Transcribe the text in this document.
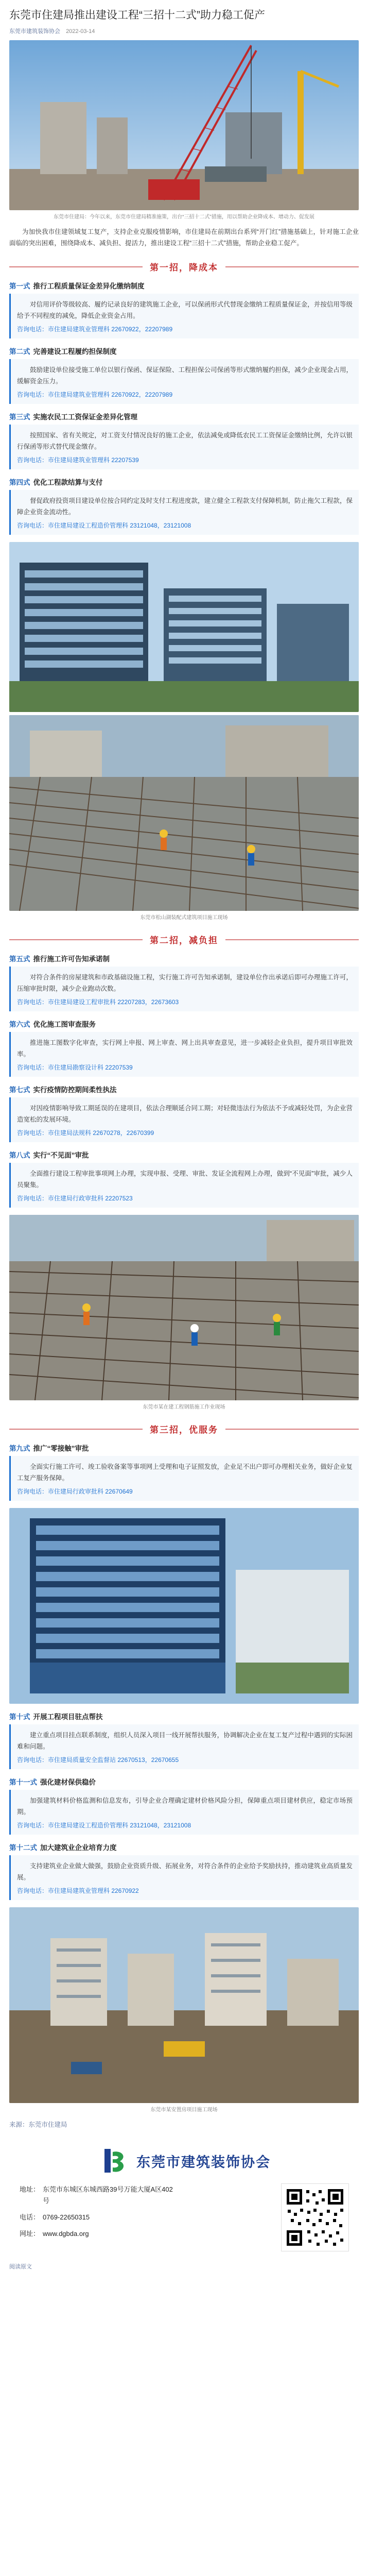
东莞市住建局推出建设工程“三招十二式”助力稳工促产
东莞市建筑装饰协会 2022-03-14
东莞市住建局：今年以来，东莞市住建局精准施策，出台“三招十二式”措施，用以帮助企业降成本、增动力、促发展

为加快我市住建领域复工复产，支持企业克服疫情影响，市住建局在前期出台系列“开门红”措施基础上，针对施工企业面临的突出困难，围绕降成本、减负担、提活力，推出建设工程“三招十二式”措施，帮助企业稳工促产。

第一招，降成本
第一式 推行工程质量保证金差异化缴纳制度

对信用评价等级较高、履约记录良好的建筑施工企业，可以保函形式代替现金缴纳工程质量保证金，并按信用等级给予不同程度的减免，降低企业资金占用。

咨询电话：市住建局建筑业管理科 22670922，22207989
第二式 完善建设工程履约担保制度

鼓励建设单位接受施工单位以银行保函、保证保险、工程担保公司保函等形式缴纳履约担保，减少企业现金占用，缓解资金压力。

咨询电话：市住建局建筑业管理科 22670922，22207989
第三式 实施农民工工资保证金差异化管理

按照国家、省有关规定，对工资支付情况良好的施工企业，依法减免或降低农民工工资保证金缴纳比例，允许以银行保函等形式替代现金缴存。

咨询电话：市住建局建筑业管理科 22207539
第四式 优化工程款结算与支付

督促政府投资项目建设单位按合同约定及时支付工程进度款，建立健全工程款支付保障机制，防止拖欠工程款，保障企业资金流动性。

咨询电话：市住建局建设工程造价管理科 23121048，23121008
东莞市松山湖装配式建筑项目施工现场
第二招，减负担
第五式 推行施工许可告知承诺制

对符合条件的房屋建筑和市政基础设施工程，实行施工许可告知承诺制，建设单位作出承诺后即可办理施工许可，压缩审批时限，减少企业跑动次数。

咨询电话：市住建局建设工程审批科 22207283，22673603
第六式 优化施工图审查服务

推进施工图数字化审查，实行网上申报、网上审查、网上出具审查意见，进一步减轻企业负担，提升项目审批效率。

咨询电话：市住建局勘察设计科 22207539
第七式 实行疫情防控期间柔性执法

对因疫情影响导致工期延误的在建项目，依法合理顺延合同工期；对轻微违法行为依法不予或减轻处罚，为企业营造宽松的发展环境。

咨询电话：市住建局法规科 22670278，22670399
第八式 实行“不见面”审批

全面推行建设工程审批事项网上办理，实现申报、受理、审批、发证全流程网上办理，做到“不见面”审批，减少人员聚集。

咨询电话：市住建局行政审批科 22207523
东莞市某在建工程钢筋施工作业现场
第三招，优服务
第九式 推广“零接触”审批

全面实行施工许可、竣工验收备案等事项网上受理和电子证照发放，企业足不出户即可办理相关业务，做好企业复工复产服务保障。

咨询电话：市住建局行政审批科 22670649
第十式 开展工程项目驻点帮扶

建立重点项目挂点联系制度，组织人员深入项目一线开展帮扶服务，协调解决企业在复工复产过程中遇到的实际困难和问题。

咨询电话：市住建局质量安全监督站 22670513，22670655
第十一式 强化建材保供稳价

加强建筑材料价格监测和信息发布，引导企业合理确定建材价格风险分担，保障重点项目建材供应，稳定市场预期。

咨询电话：市住建局建设工程造价管理科 23121048，23121008
第十二式 加大建筑业企业培育力度

支持建筑业企业做大做强，鼓励企业资质升级、拓展业务，对符合条件的企业给予奖励扶持，推动建筑业高质量发展。

咨询电话：市住建局建筑业管理科 22670922
东莞市某安置房项目施工现场

来源：东莞市住建局

东莞市建筑装饰协会
地址： 东莞市东城区东城西路39号万能大厦A区402号
电话： 0769-22650315
网址： www.dgbda.org
阅读原文
